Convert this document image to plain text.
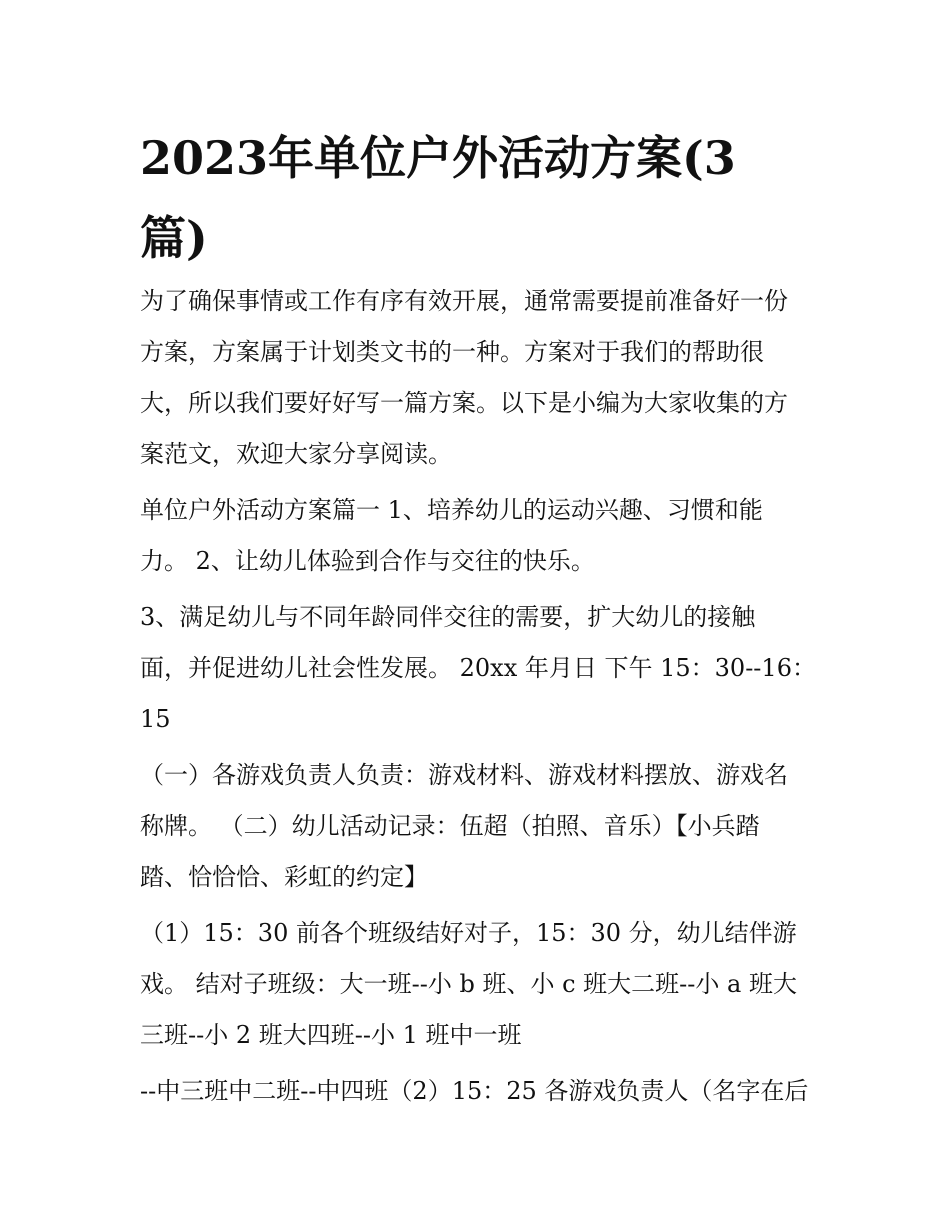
2023年单位户外活动方案(3
篇)

为了确保事情或工作有序有效开展，通常需要提前准备好一份
方案，方案属于计划类文书的一种。方案对于我们的帮助很
大，所以我们要好好写一篇方案。以下是小编为大家收集的方
案范文，欢迎大家分享阅读。

单位户外活动方案篇一 1、培养幼儿的运动兴趣、习惯和能
力。 2、让幼儿体验到合作与交往的快乐。

3、满足幼儿与不同年龄同伴交往的需要，扩大幼儿的接触
面，并促进幼儿社会性发展。 20xx 年月日 下午 15：30--16：
15

（一）各游戏负责人负责：游戏材料、游戏材料摆放、游戏名
称牌。 （二）幼儿活动记录：伍超（拍照、音乐）【小兵踏
踏、恰恰恰、彩虹的约定】

（1）15：30 前各个班级结好对子，15：30 分，幼儿结伴游
戏。 结对子班级：大一班--小 b 班、小 c 班大二班--小 a 班大
三班--小 2 班大四班--小 1 班中一班

--中三班中二班--中四班（2）15：25 各游戏负责人（名字在后
